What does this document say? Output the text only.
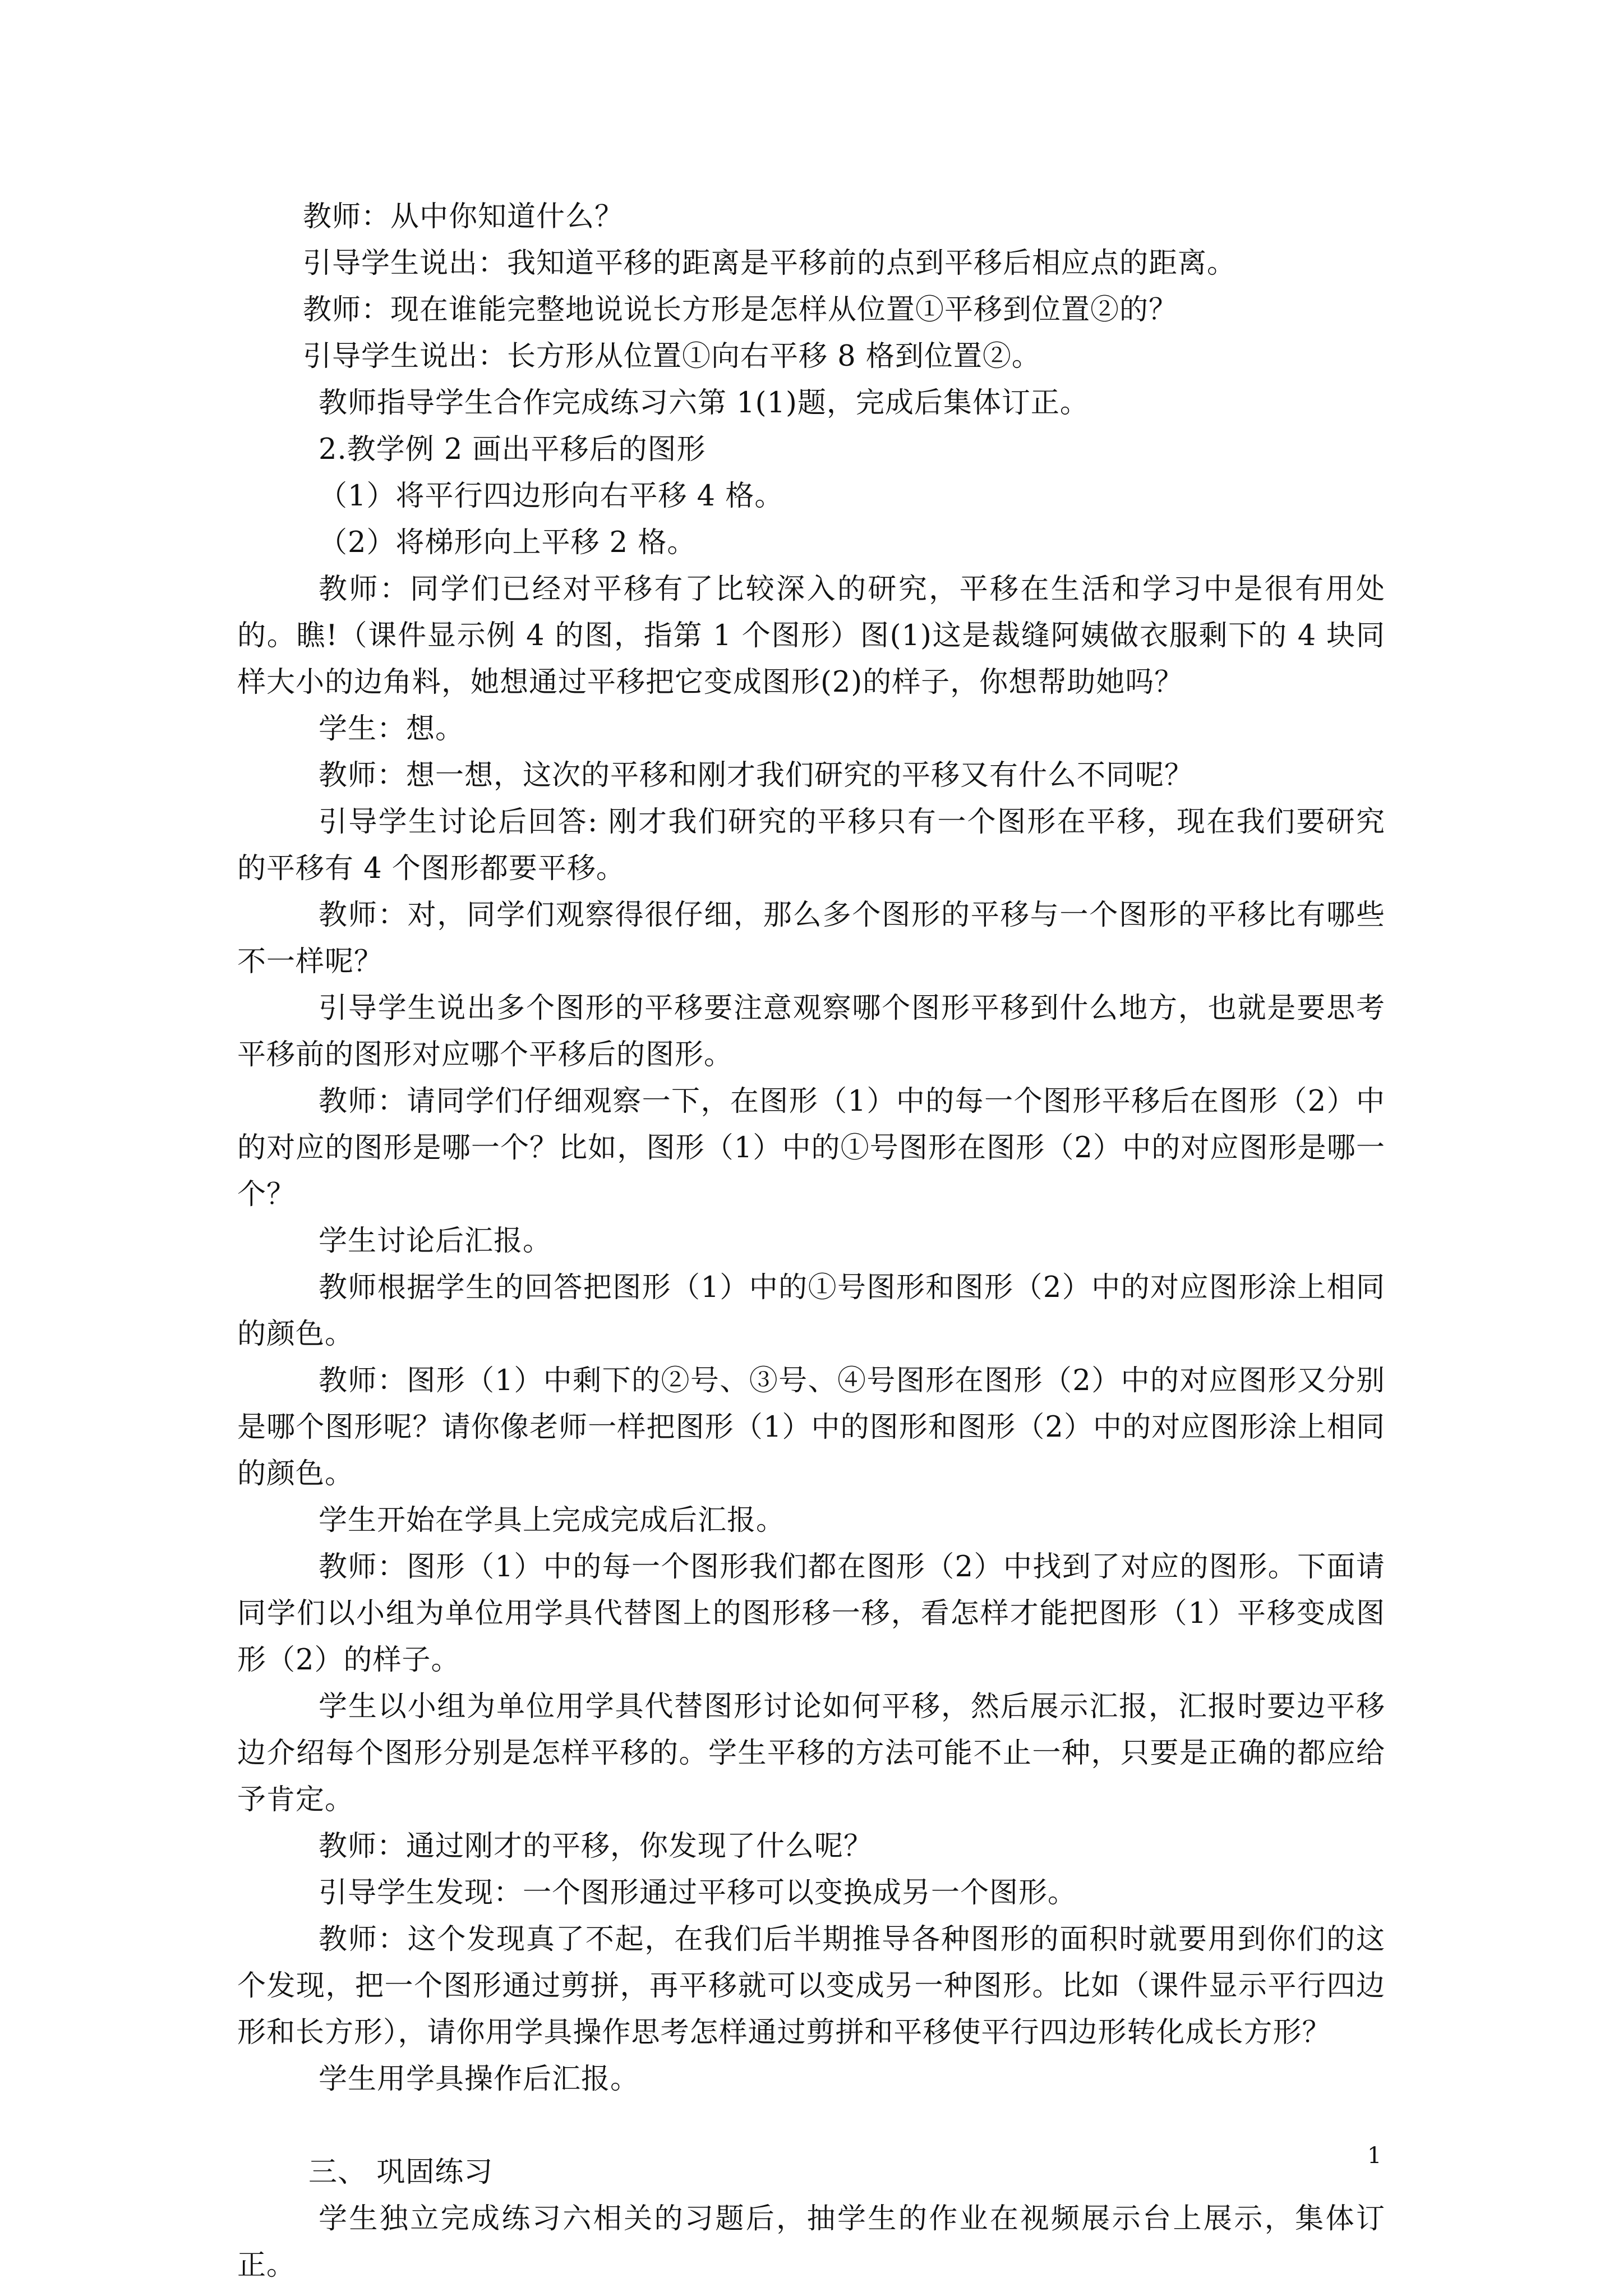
教师：从中你知道什么？

引导学生说出：我知道平移的距离是平移前的点到平移后相应点的距离。

教师：现在谁能完整地说说长方形是怎样从位置①平移到位置②的？

引导学生说出：长方形从位置①向右平移 8 格到位置②。

教师指导学生合作完成练习六第 1(1)题，完成后集体订正。

2.教学例 2 画出平移后的图形

（1）将平行四边形向右平移 4 格。

（2）将梯形向上平移 2 格。

教师：同学们已经对平移有了比较深入的研究，平移在生活和学习中是很有用处的。瞧!（课件显示例 4 的图，指第 1 个图形）图(1)这是裁缝阿姨做衣服剩下的 4 块同样大小的边角料，她想通过平移把它变成图形(2)的样子，你想帮助她吗？

学生：想。

教师：想一想，这次的平移和刚才我们研究的平移又有什么不同呢？

引导学生讨论后回答: 刚才我们研究的平移只有一个图形在平移，现在我们要研究的平移有 4 个图形都要平移。

教师：对，同学们观察得很仔细，那么多个图形的平移与一个图形的平移比有哪些不一样呢？

引导学生说出多个图形的平移要注意观察哪个图形平移到什么地方，也就是要思考平移前的图形对应哪个平移后的图形。

教师：请同学们仔细观察一下，在图形（1）中的每一个图形平移后在图形（2）中的对应的图形是哪一个？比如，图形（1）中的①号图形在图形（2）中的对应图形是哪一个？

学生讨论后汇报。

教师根据学生的回答把图形（1）中的①号图形和图形（2）中的对应图形涂上相同的颜色。

教师：图形（1）中剩下的②号、③号、④号图形在图形（2）中的对应图形又分别是哪个图形呢？请你像老师一样把图形（1）中的图形和图形（2）中的对应图形涂上相同的颜色。

学生开始在学具上完成完成后汇报。

教师：图形（1）中的每一个图形我们都在图形（2）中找到了对应的图形。下面请同学们以小组为单位用学具代替图上的图形移一移，看怎样才能把图形（1）平移变成图形（2）的样子。

学生以小组为单位用学具代替图形讨论如何平移，然后展示汇报，汇报时要边平移边介绍每个图形分别是怎样平移的。学生平移的方法可能不止一种，只要是正确的都应给予肯定。

教师：通过刚才的平移，你发现了什么呢？

引导学生发现：一个图形通过平移可以变换成另一个图形。

教师：这个发现真了不起，在我们后半期推导各种图形的面积时就要用到你们的这个发现，把一个图形通过剪拼，再平移就可以变成另一种图形。比如（课件显示平行四边形和长方形），请你用学具操作思考怎样通过剪拼和平移使平行四边形转化成长方形？

学生用学具操作后汇报。

三、 巩固练习

学生独立完成练习六相关的习题后，抽学生的作业在视频展示台上展示，集体订正。

1
